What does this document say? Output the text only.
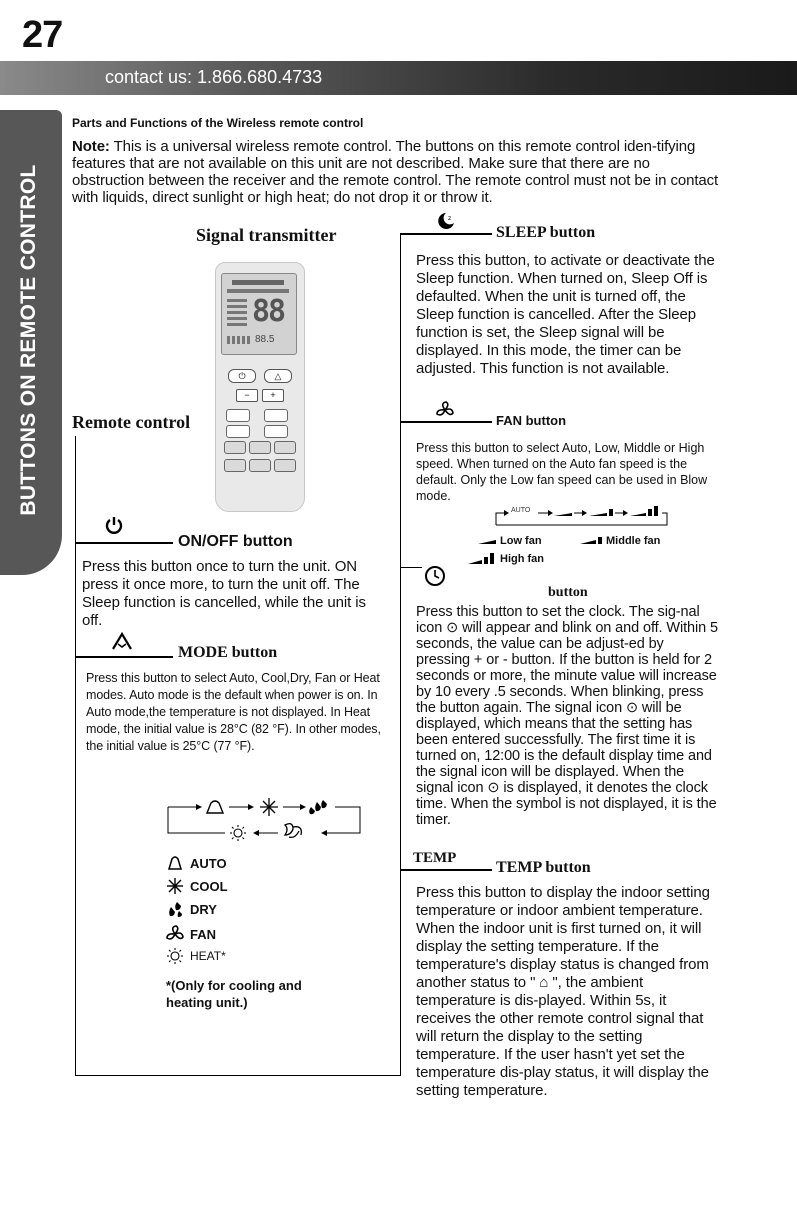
27
contact us: 1.866.680.4733
BUTTONS ON REMOTE CONTROL
Parts and Functions of the Wireless remote control
Note: This is a universal wireless remote control. The buttons on this remote control iden-tifying features that are not available on this unit are not described. Make sure that there are no obstruction between the receiver and the remote control. The remote control must not be in contact with liquids, direct sunlight or high heat; do not drop it or throw it.
Signal transmitter
Remote control
88
88.5
⏻	△
−	+
ON/OFF button
Press this button once to turn the unit. ON press it once more, to turn the unit off. The Sleep function is cancelled, while the unit is off.
MODE button
Press this button to select Auto, Cool,Dry, Fan or Heat modes. Auto mode is the default when power is on. In Auto mode,the temperature is not displayed. In Heat mode, the initial value is 28°C (82 °F). In other modes, the initial value is 25°C (77 °F).
AUTO
COOL
DRY
FAN
HEAT*
*(Only for cooling and heating unit.)
z
SLEEP button
Press this button, to activate or deactivate the Sleep function. When turned on, Sleep Off is defaulted. When the unit is turned off, the Sleep function is cancelled. After the Sleep function is set, the Sleep signal will be displayed. In this mode, the timer can be adjusted. This function is not available.
FAN button
Press this button to select Auto, Low, Middle or High speed. When turned on the Auto fan speed is the default. Only the Low fan speed can be used in Blow mode.
AUTO
Low fan	Middle fan
High fan
button
Press this button to set the clock. The sig-nal icon ⊙ will appear and blink on and off. Within 5 seconds, the value can be adjust-ed by pressing + or - button. If the button is held for 2 seconds or more, the minute value will increase by 10 every .5 seconds. When blinking, press the button again. The signal icon ⊙ will be displayed, which means that the setting has been entered successfully. The first time it is turned on, 12:00 is the default display time and the signal icon will be displayed. When the signal icon ⊙ is displayed, it denotes the clock time. When the symbol is not displayed, it is the timer.
TEMP
TEMP button
Press this button to display the indoor setting temperature or indoor ambient temperature. When the indoor unit is first turned on, it will display the setting temperature. If the temperature's display status is changed from another status to " ⌂ ", the ambient temperature is dis-played. Within 5s, it receives the other remote control signal that will return the display to the setting temperature. If the user hasn't yet set the temperature dis-play status, it will display the setting temperature.
